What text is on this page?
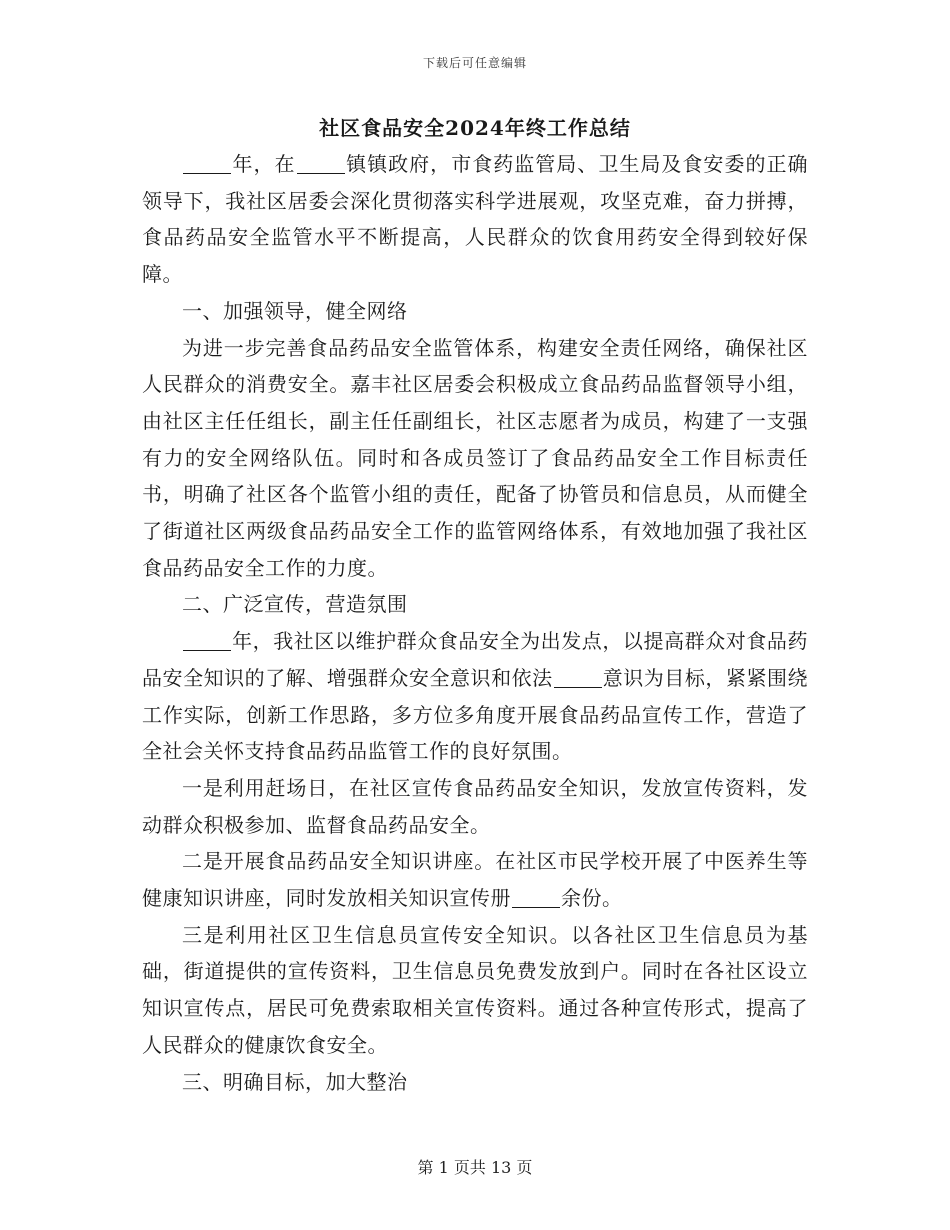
下载后可任意编辑
社区食品安全2024年终工作总结

年，在	镇镇政府，市食药监管局、卫生局及食安委的正确领导下，我社区居委会深化贯彻落实科学进展观，攻坚克难，奋力拼搏，食品药品安全监管水平不断提高，人民群众的饮食用药安全得到较好保障。

一、加强领导，健全网络

为进一步完善食品药品安全监管体系，构建安全责任网络，确保社区人民群众的消费安全。嘉丰社区居委会积极成立食品药品监督领导小组，由社区主任任组长，副主任任副组长，社区志愿者为成员，构建了一支强有力的安全网络队伍。同时和各成员签订了食品药品安全工作目标责任书，明确了社区各个监管小组的责任，配备了协管员和信息员，从而健全了街道社区两级食品药品安全工作的监管网络体系，有效地加强了我社区食品药品安全工作的力度。

二、广泛宣传，营造氛围

年，我社区以维护群众食品安全为出发点，以提高群众对食品药品安全知识的了解、增强群众安全意识和依法	意识为目标，紧紧围绕工作实际，创新工作思路，多方位多角度开展食品药品宣传工作，营造了全社会关怀支持食品药品监管工作的良好氛围。

一是利用赶场日，在社区宣传食品药品安全知识，发放宣传资料，发动群众积极参加、监督食品药品安全。

二是开展食品药品安全知识讲座。在社区市民学校开展了中医养生等健康知识讲座，同时发放相关知识宣传册	余份。

三是利用社区卫生信息员宣传安全知识。以各社区卫生信息员为基础，街道提供的宣传资料，卫生信息员免费发放到户。同时在各社区设立知识宣传点，居民可免费索取相关宣传资料。通过各种宣传形式，提高了人民群众的健康饮食安全。

三、明确目标，加大整治

第 1 页共 13 页
